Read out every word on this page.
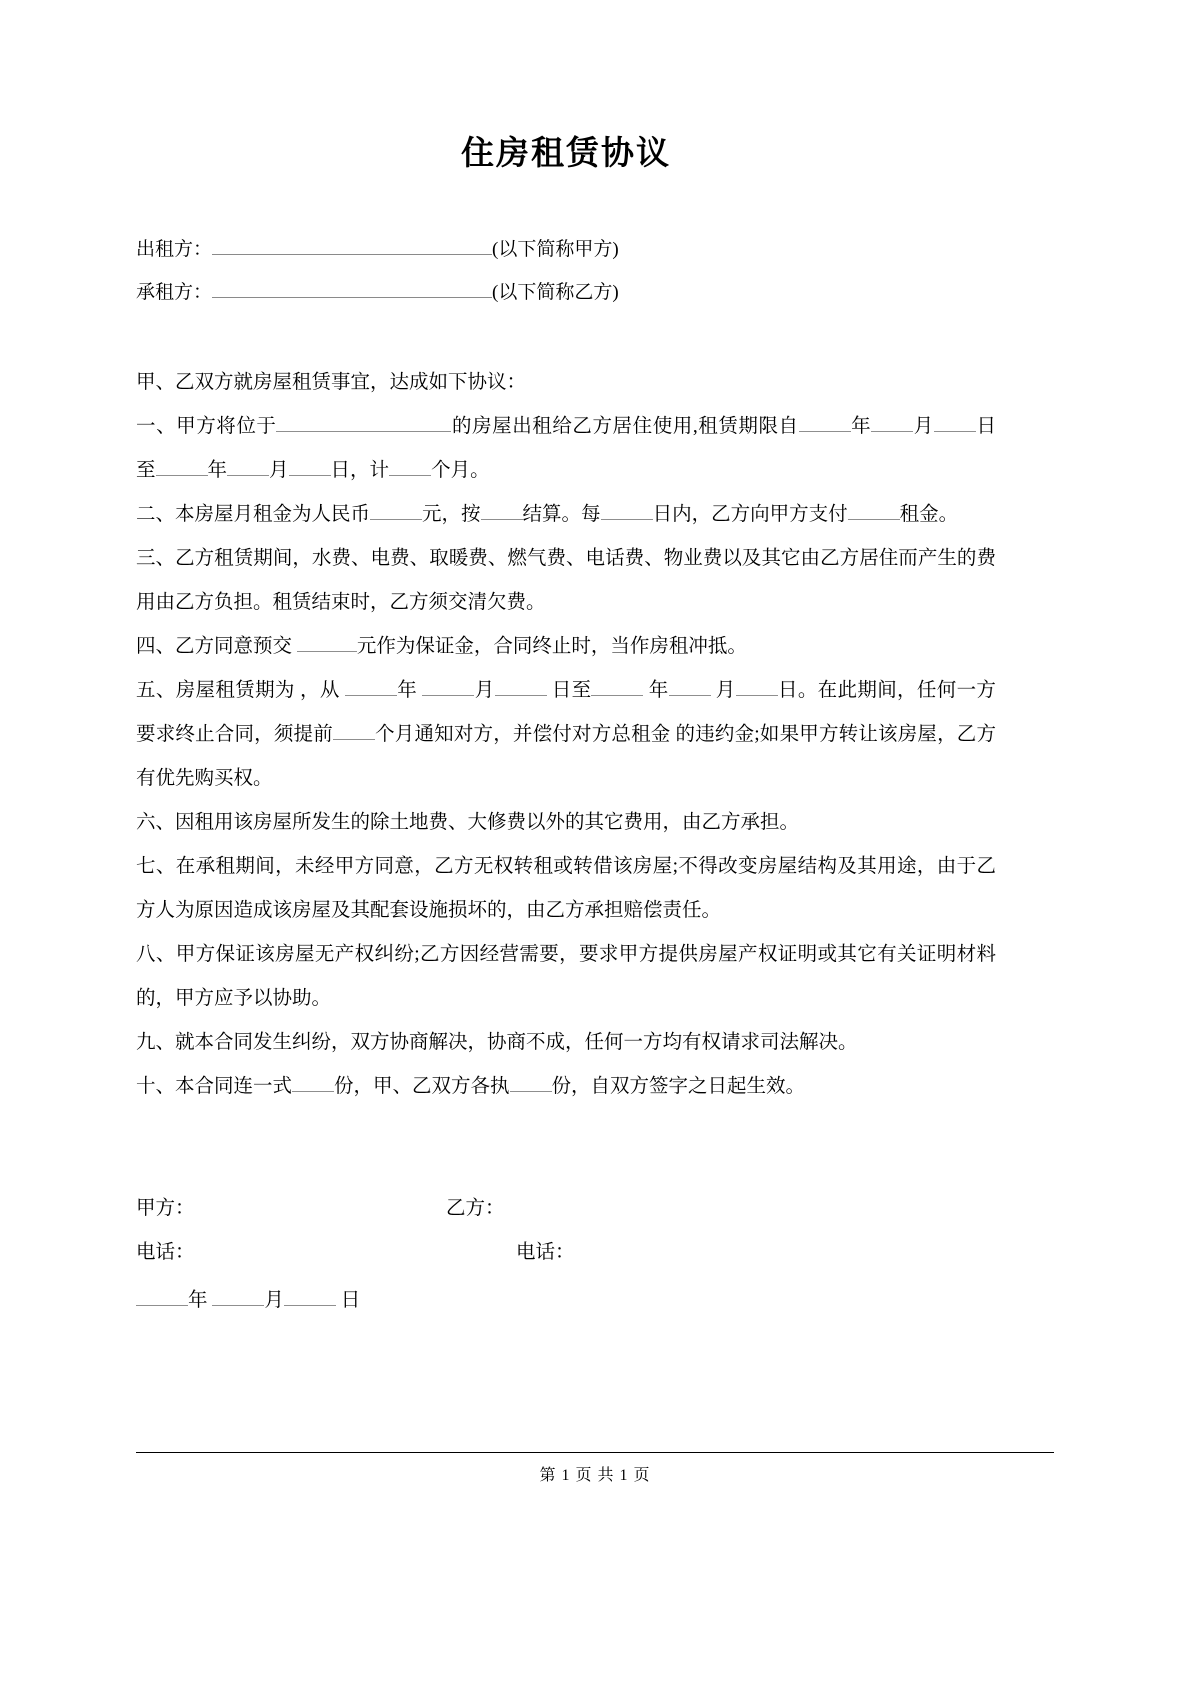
住房租赁协议
出租方：	(以下简称甲方)
承租方：	(以下简称乙方)

甲、乙双方就房屋租赁事宜，达成如下协议：

一、甲方将位于	的房屋出租给乙方居住使用,租赁期限自	年 月 日至	年 月 日，计 个月。

二、本房屋月租金为人民币	元，按 结算。每	日内，乙方向甲方支付	租金。

三、乙方租赁期间，水费、电费、取暖费、燃气费、电话费、物业费以及其它由乙方居住而产生的费用由乙方负担。租赁结束时，乙方须交清欠费。

四、乙方同意预交	元作为保证金，合同终止时，当作房租冲抵。

五、房屋租赁期为 ，从	年	月	日至	年 月 日。在此期间，任何一方要求终止合同，须提前 个月通知对方，并偿付对方总租金 的违约金;如果甲方转让该房屋，乙方有优先购买权。

六、因租用该房屋所发生的除土地费、大修费以外的其它费用，由乙方承担。

七、在承租期间，未经甲方同意，乙方无权转租或转借该房屋;不得改变房屋结构及其用途，由于乙方人为原因造成该房屋及其配套设施损坏的，由乙方承担赔偿责任。

八、甲方保证该房屋无产权纠纷;乙方因经营需要，要求甲方提供房屋产权证明或其它有关证明材料的，甲方应予以协助。

九、就本合同发生纠纷，双方协商解决，协商不成，任何一方均有权请求司法解决。

十、本合同连一式 份，甲、乙双方各执 份，自双方签字之日起生效。

甲方：	乙方：
电话：	电话：
年	月	日
第 1 页 共 1 页
